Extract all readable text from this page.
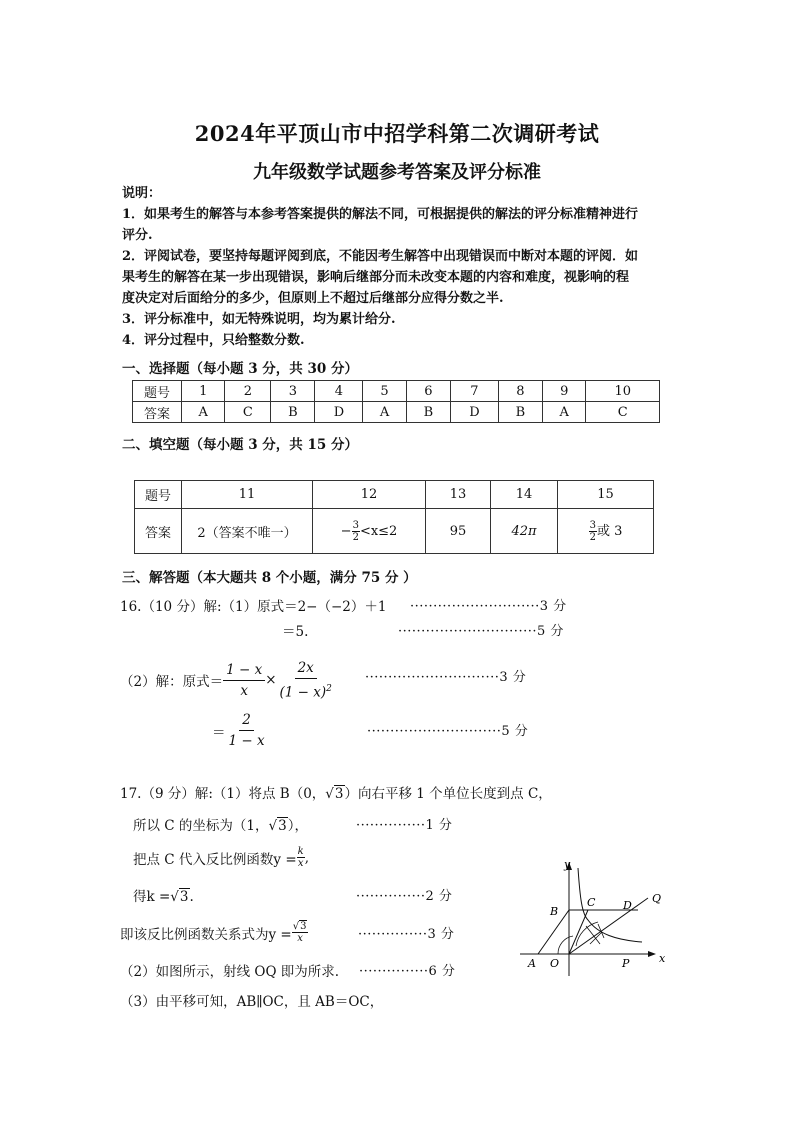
2024年平顶山市中招学科第二次调研考试
九年级数学试题参考答案及评分标准
说明：
1．如果考生的解答与本参考答案提供的解法不同，可根据提供的解法的评分标准精神进行
评分.
2．评阅试卷，要坚持每题评阅到底，不能因考生解答中出现错误而中断对本题的评阅．如
果考生的解答在某一步出现错误，影响后继部分而未改变本题的内容和难度，视影响的程
度决定对后面给分的多少，但原则上不超过后继部分应得分数之半.
3．评分标准中，如无特殊说明，均为累计给分.
4．评分过程中，只给整数分数.
一、选择题（每小题 3 分，共 30 分）
题号	1	2	3	4	5	6	7	8	9	10
答案	A	C	B	D	A	B	D	B	A	C
二、填空题（每小题 3 分，共 15 分）
题号	11	12	13	14	15
答案	2（答案不唯一）	− $\frac{3}{2} <x\le 2$	95	42π	$\frac{3}{2}$ 或 3
三、解答题（本大题共 8 个小题，满分 75 分 ）
16.（10 分）解:（1）原式＝2−（−2）＋1 ····························3 分
＝5.	······························5 分
（2）解：原式＝ $\frac{1 - x}{x} \times \frac{2x}{(1 - x)^2} \cdot\cdot\cdot\cdot\cdot\cdot\cdot\cdot\cdot\cdot\cdot\cdot\cdot\cdot\cdot\cdot\cdot\cdot\cdot\cdot\cdot\cdot\cdot\cdot\cdot\cdot\cdot\cdot\cdot 3$ 分
＝ $\frac{2}{1 - x}$	·····························5 分
17.（9 分）解:（1）将点 B（0，√3）向右平移 1 个单位长度到点 C，
所以 C 的坐标为（1，√3），	···············1 分
把点 C 代入反比例函数$y = \frac{k}{x}$ ,
得k =√3.	···············2 分
即该反比例函数关系式为$y = \frac{√3}{x}$	···············3 分
（2）如图所示，射线 OQ 即为所求. ···············6 分
（3）由平移可知，AB∥OC，且 AB＝OC，
y
x
B
C	D
Q
A O	P
